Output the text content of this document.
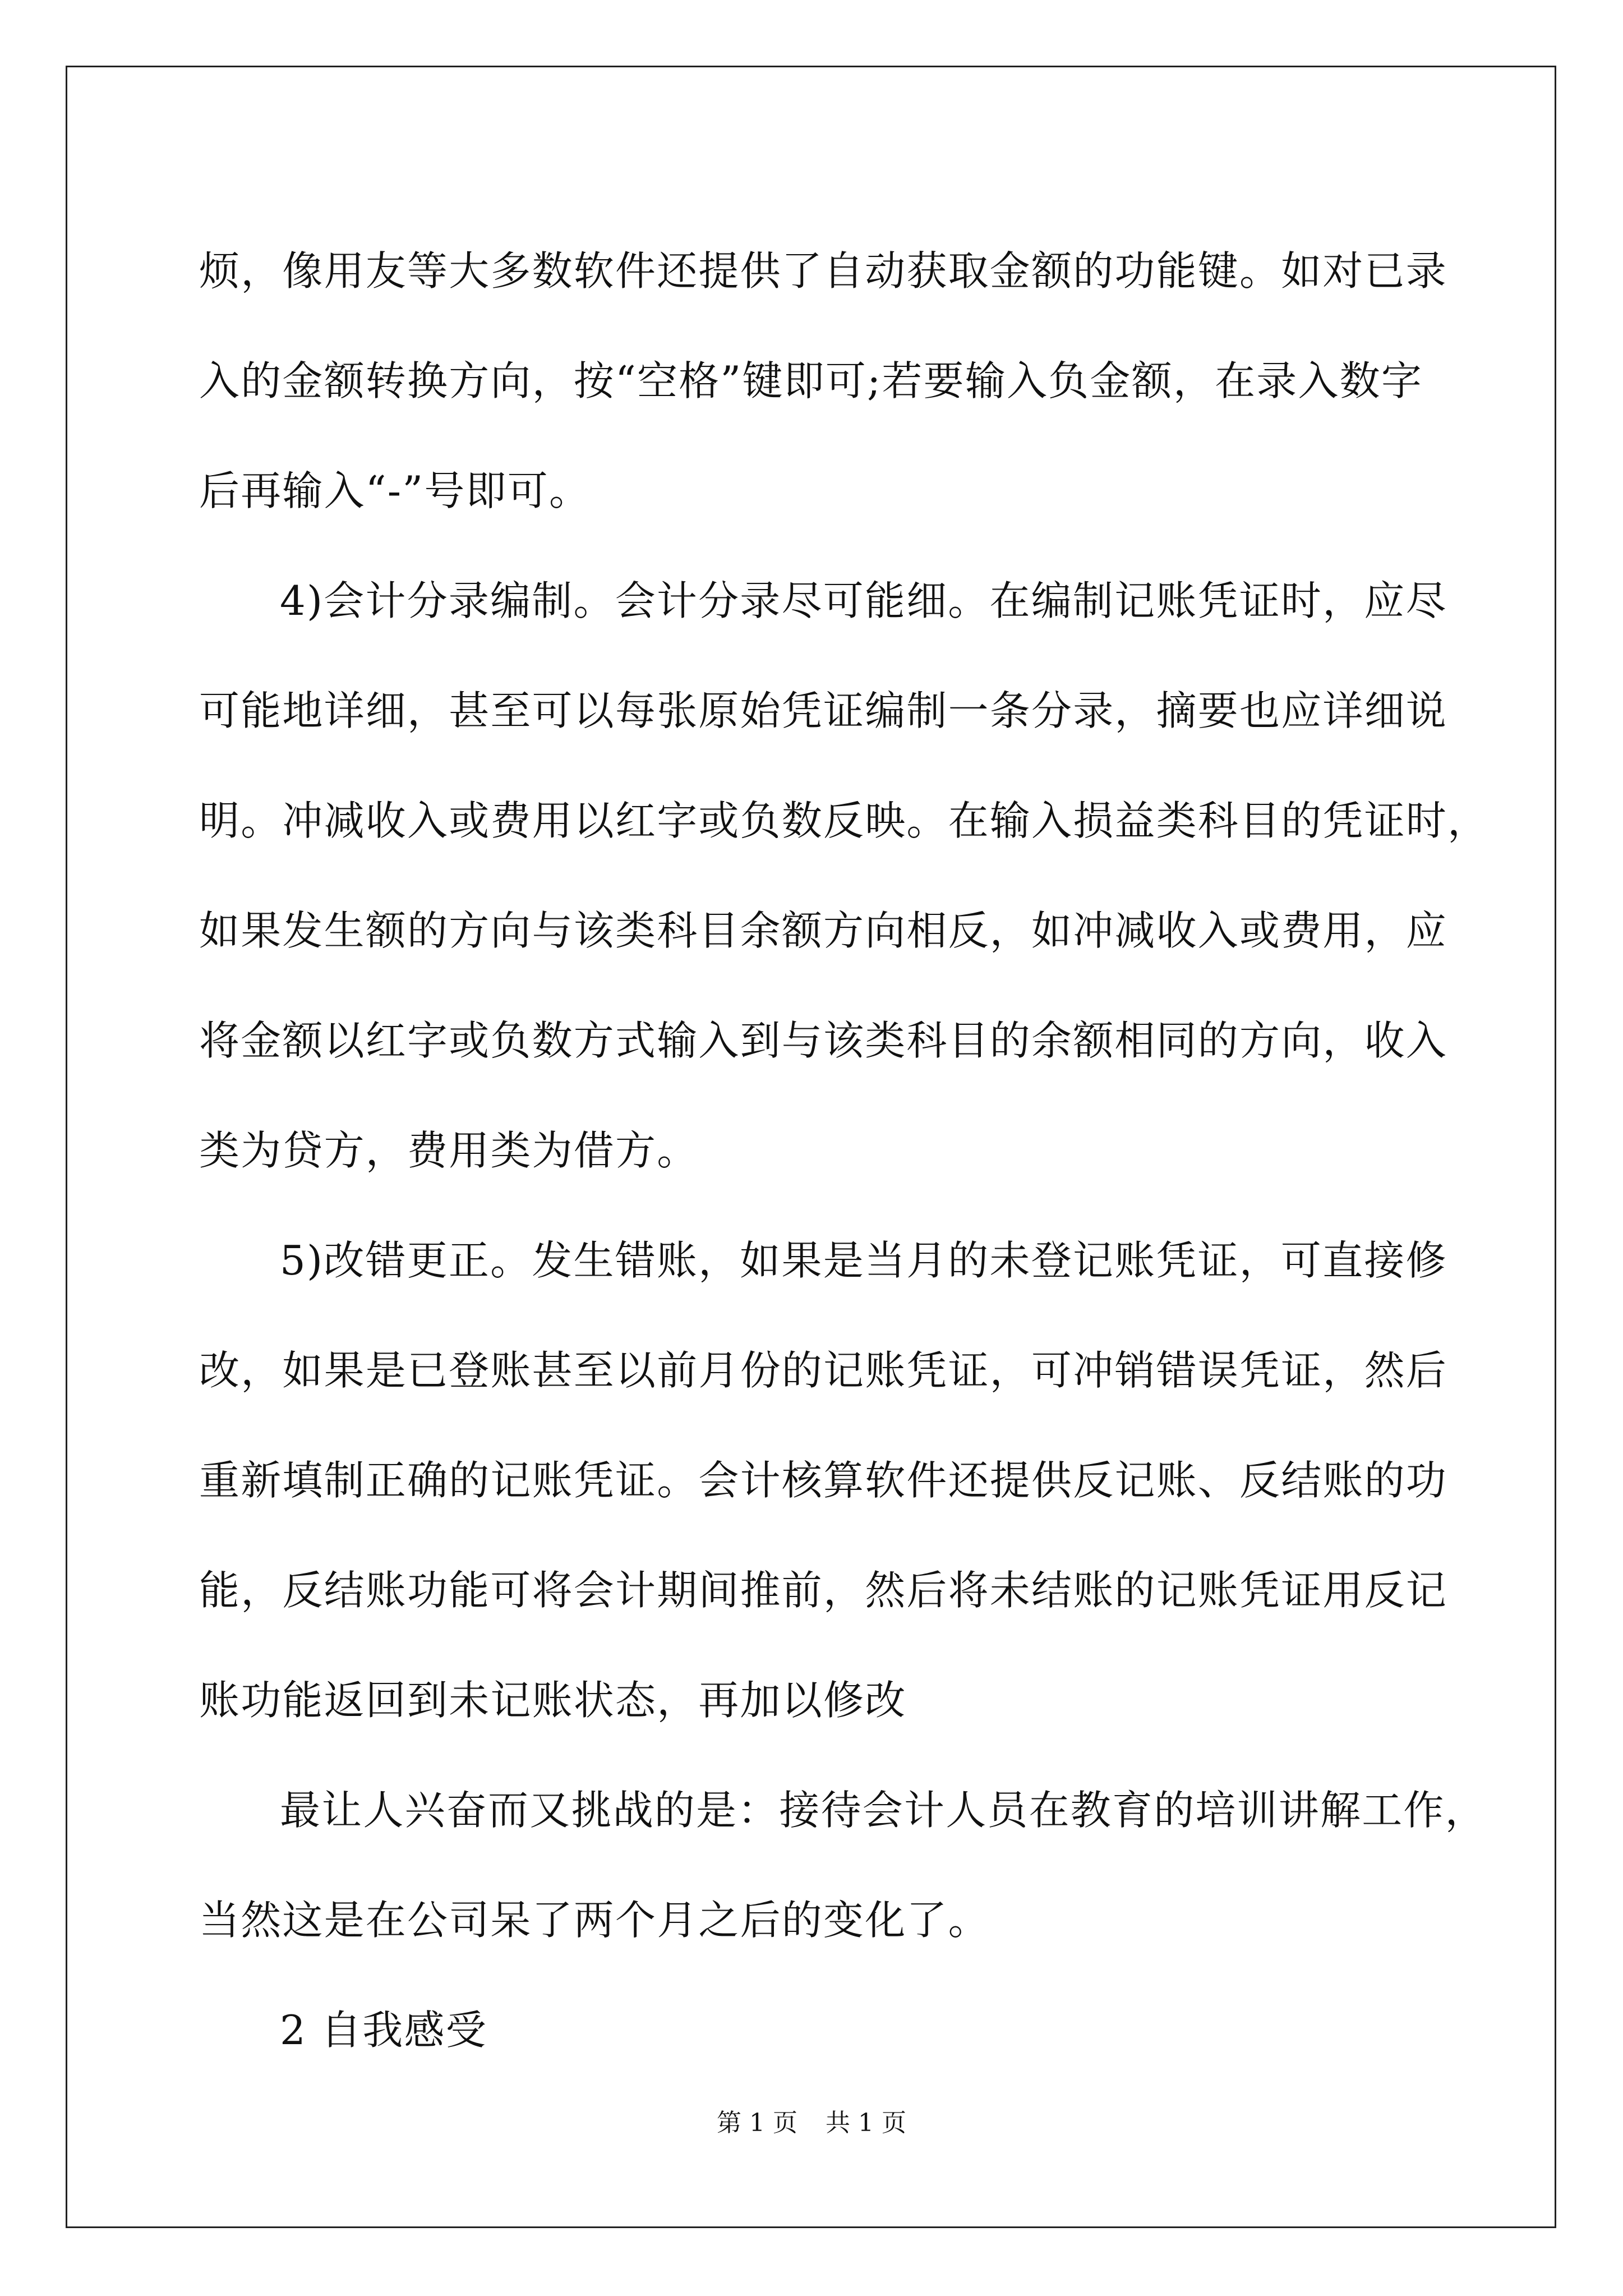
烦，像用友等大多数软件还提供了自动获取金额的功能键。如对已录
入的金额转换方向，按“空格”键即可;若要输入负金额，在录入数字
后再输入“-”号即可。
4)会计分录编制。会计分录尽可能细。在编制记账凭证时，应尽
可能地详细，甚至可以每张原始凭证编制一条分录，摘要也应详细说
明。冲减收入或费用以红字或负数反映。在输入损益类科目的凭证时，
如果发生额的方向与该类科目余额方向相反，如冲减收入或费用，应
将金额以红字或负数方式输入到与该类科目的余额相同的方向，收入
类为贷方，费用类为借方。
5)改错更正。发生错账，如果是当月的未登记账凭证，可直接修
改，如果是已登账甚至以前月份的记账凭证，可冲销错误凭证，然后
重新填制正确的记账凭证。会计核算软件还提供反记账、反结账的功
能，反结账功能可将会计期间推前，然后将未结账的记账凭证用反记
账功能返回到未记账状态，再加以修改
最让人兴奋而又挑战的是：接待会计人员在教育的培训讲解工作，
当然这是在公司呆了两个月之后的变化了。
2 自我感受
第 1 页 共 1 页
